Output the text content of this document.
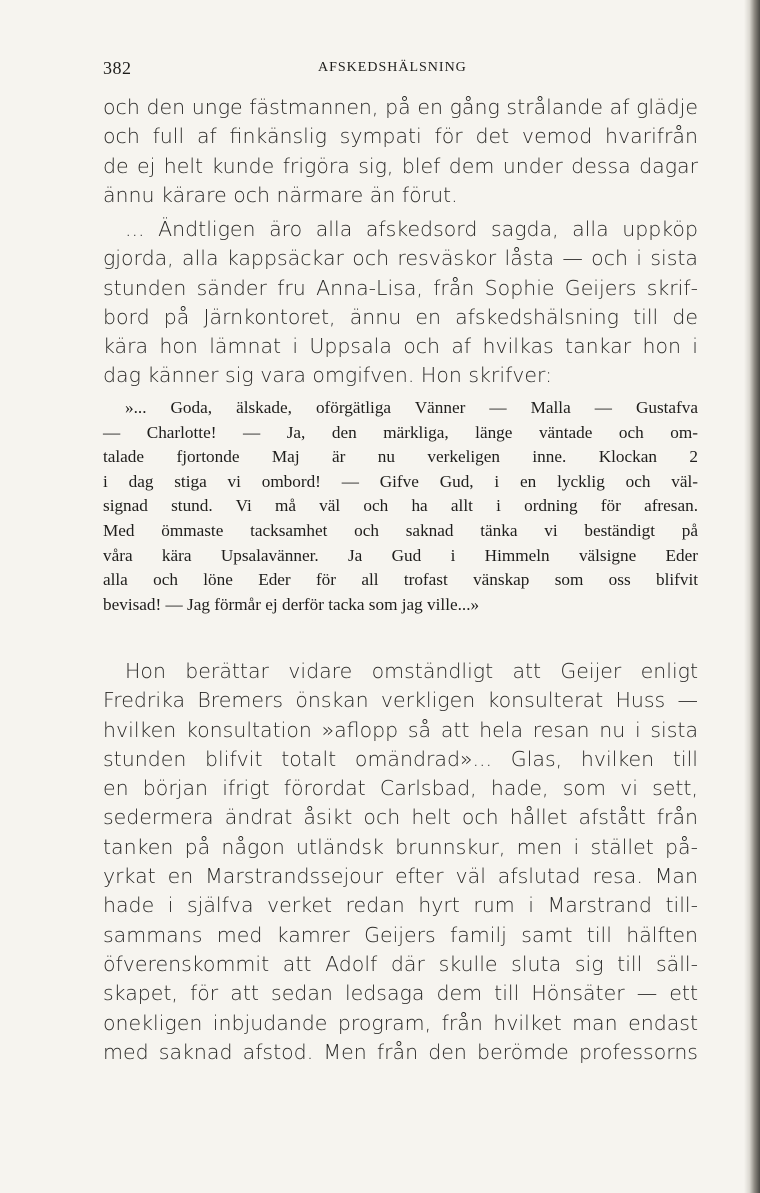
382	AFSKEDSHÄLSNING
och den unge fästmannen, på en gång strålande af glädje
och full af finkänslig sympati för det vemod hvarifrån
de ej helt kunde frigöra sig, blef dem under dessa dagar
ännu kärare och närmare än förut.
... Ändtligen äro alla afskedsord sagda, alla uppköp
gjorda, alla kappsäckar och resväskor låsta — och i sista
stunden sänder fru Anna-Lisa, från Sophie Geijers skrif-
bord på Järnkontoret, ännu en afskedshälsning till de
kära hon lämnat i Uppsala och af hvilkas tankar hon i
dag känner sig vara omgifven. Hon skrifver:
»... Goda, älskade, oförgätliga Vänner — Malla — Gustafva
— Charlotte! — Ja, den märkliga, länge väntade och om-
talade fjortonde Maj är nu verkeligen inne. Klockan 2
i dag stiga vi ombord! — Gifve Gud, i en lycklig och väl-
signad stund. Vi må väl och ha allt i ordning för afresan.
Med ömmaste tacksamhet och saknad tänka vi beständigt på
våra kära Upsalavänner. Ja Gud i Himmeln välsigne Eder
alla och löne Eder för all trofast vänskap som oss blifvit
bevisad! — Jag förmår ej derför tacka som jag ville...»
Hon berättar vidare omständligt att Geijer enligt
Fredrika Bremers önskan verkligen konsulterat Huss —
hvilken konsultation »aflopp så att hela resan nu i sista
stunden blifvit totalt omändrad»... Glas, hvilken till
en början ifrigt förordat Carlsbad, hade, som vi sett,
sedermera ändrat åsikt och helt och hållet afstått från
tanken på någon utländsk brunnskur, men i stället på-
yrkat en Marstrandssejour efter väl afslutad resa. Man
hade i själfva verket redan hyrt rum i Marstrand till-
sammans med kamrer Geijers familj samt till hälften
öfverenskommit att Adolf där skulle sluta sig till säll-
skapet, för att sedan ledsaga dem till Hönsäter — ett
onekligen inbjudande program, från hvilket man endast
med saknad afstod. Men från den berömde professorns
